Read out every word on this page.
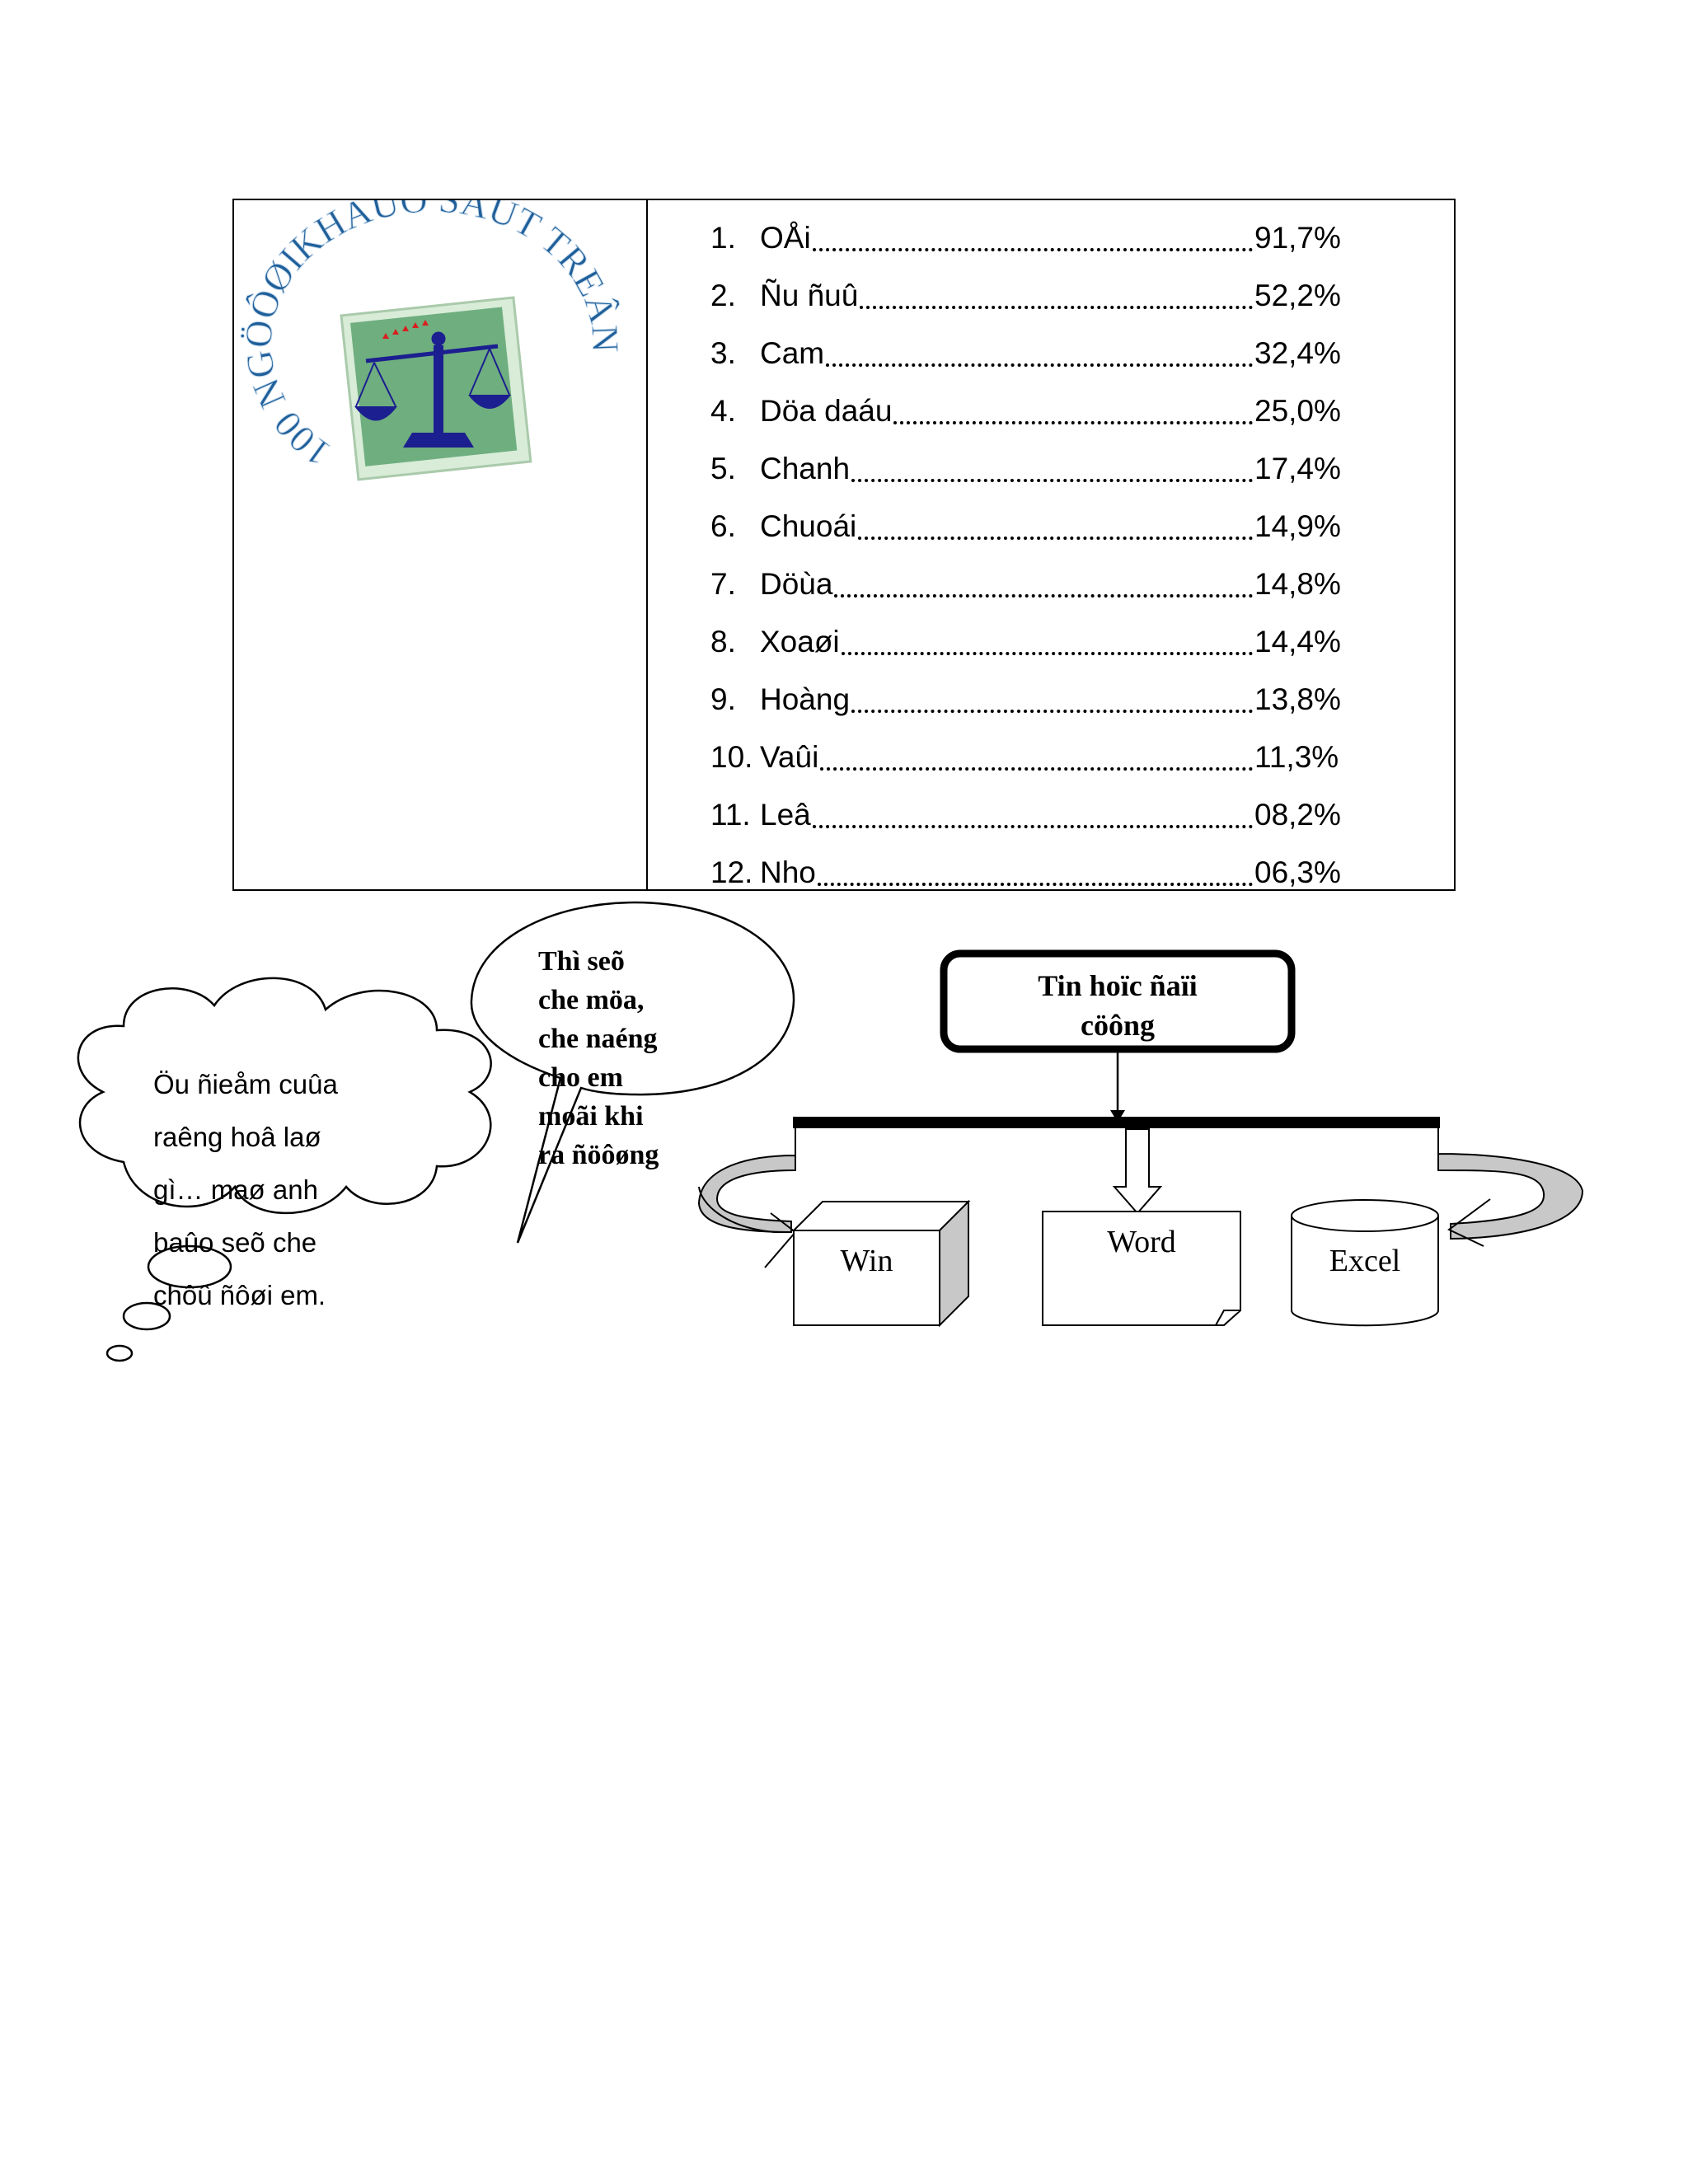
100 NGÖÔØIKHAÛ AÙT TREÂN
1. OÅi	91,7%
2. Ñu ñuû	52,2%
3. Cam	32,4%
4. Döa daáu	25,0%
5. Chanh	17,4%
6. Chuoái	14,9%
7. Döùa	14,8%
8. Xoaøi	14,4%
9. Hoàng	13,8%
10. Vaûi	11,3%
11. Leâ	08,2%
12. Nho	06,3%
Öu ñieåm cuûa
raêng hoâ laø
gì… maø anh
baûo seõ che
chôû ñôøi em.
Thì seõ
che möa,
che naéng
cho em
moãi khi
ra ñöôøng
Tin hoïc ñaïi
cöông
Win
Word
Excel
